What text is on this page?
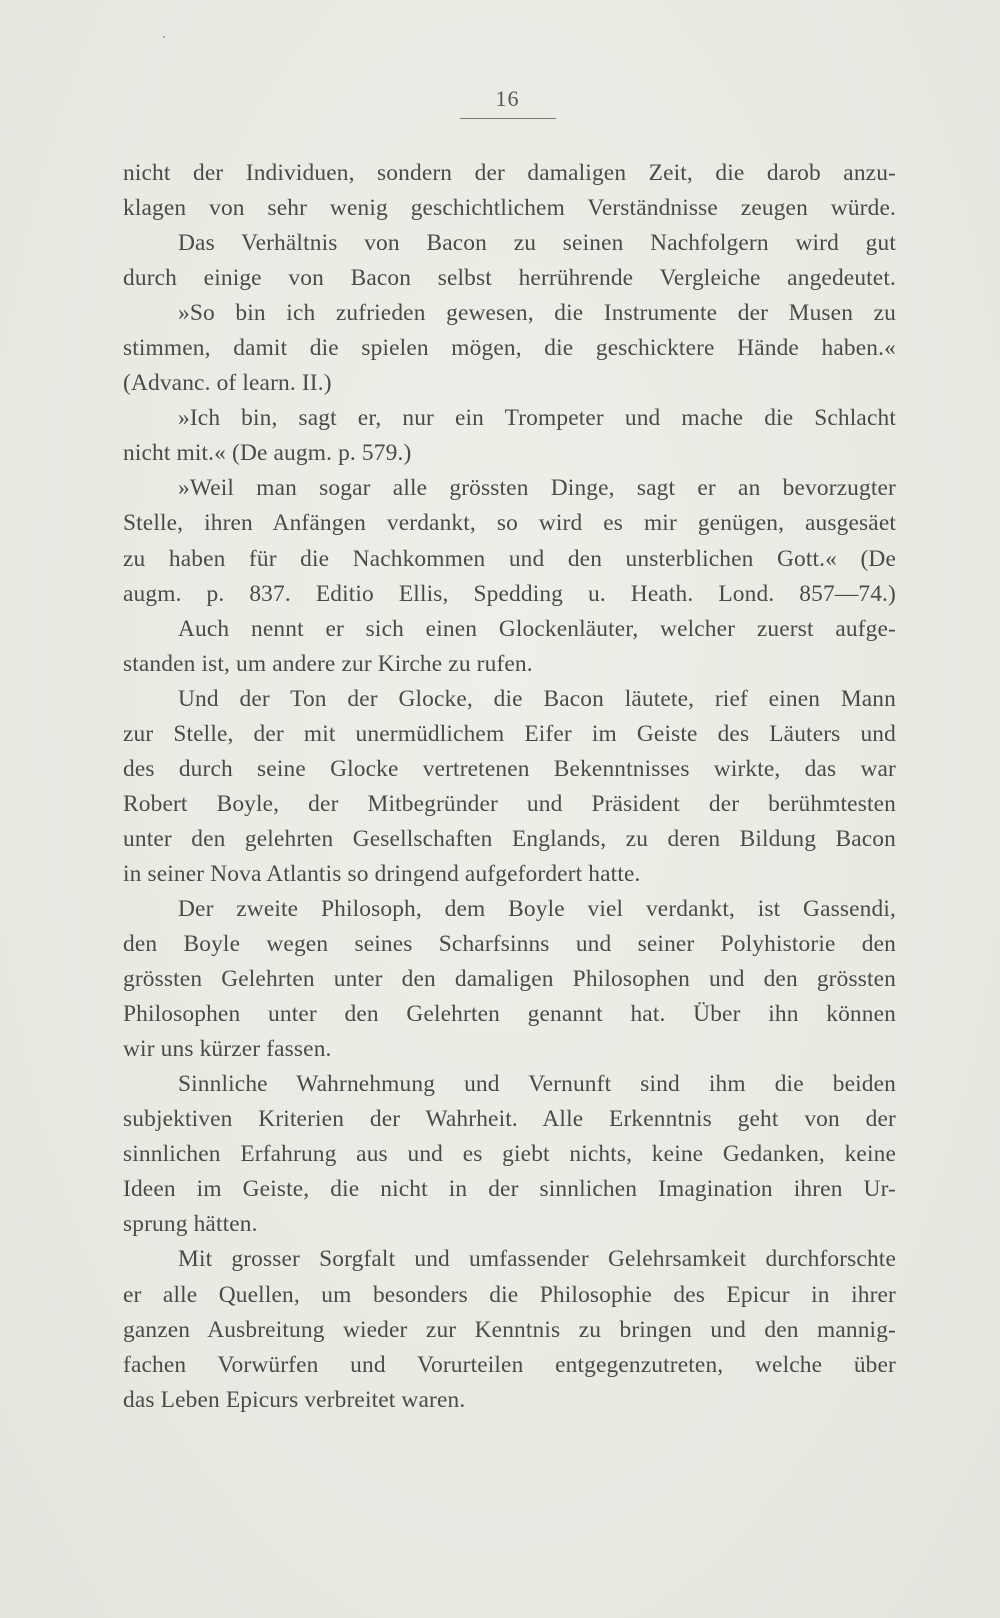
16
nicht der Individuen, sondern der damaligen Zeit, die darob anzu-
klagen von sehr wenig geschichtlichem Verständnisse zeugen würde.
Das Verhältnis von Bacon zu seinen Nachfolgern wird gut
durch einige von Bacon selbst herrührende Vergleiche angedeutet.
»So bin ich zufrieden gewesen, die Instrumente der Musen zu
stimmen, damit die spielen mögen, die geschicktere Hände haben.«
(Advanc. of learn. II.)
»Ich bin, sagt er, nur ein Trompeter und mache die Schlacht
nicht mit.« (De augm. p. 579.)
»Weil man sogar alle grössten Dinge, sagt er an bevorzugter
Stelle, ihren Anfängen verdankt, so wird es mir genügen, ausgesäet
zu haben für die Nachkommen und den unsterblichen Gott.« (De
augm. p. 837. Editio Ellis, Spedding u. Heath. Lond. 857—74.)
Auch nennt er sich einen Glockenläuter, welcher zuerst aufge-
standen ist, um andere zur Kirche zu rufen.
Und der Ton der Glocke, die Bacon läutete, rief einen Mann
zur Stelle, der mit unermüdlichem Eifer im Geiste des Läuters und
des durch seine Glocke vertretenen Bekenntnisses wirkte, das war
Robert Boyle, der Mitbegründer und Präsident der berühmtesten
unter den gelehrten Gesellschaften Englands, zu deren Bildung Bacon
in seiner Nova Atlantis so dringend aufgefordert hatte.
Der zweite Philosoph, dem Boyle viel verdankt, ist Gassendi,
den Boyle wegen seines Scharfsinns und seiner Polyhistorie den
grössten Gelehrten unter den damaligen Philosophen und den grössten
Philosophen unter den Gelehrten genannt hat. Über ihn können
wir uns kürzer fassen.
Sinnliche Wahrnehmung und Vernunft sind ihm die beiden
subjektiven Kriterien der Wahrheit. Alle Erkenntnis geht von der
sinnlichen Erfahrung aus und es giebt nichts, keine Gedanken, keine
Ideen im Geiste, die nicht in der sinnlichen Imagination ihren Ur-
sprung hätten.
Mit grosser Sorgfalt und umfassender Gelehrsamkeit durchforschte
er alle Quellen, um besonders die Philosophie des Epicur in ihrer
ganzen Ausbreitung wieder zur Kenntnis zu bringen und den mannig-
fachen Vorwürfen und Vorurteilen entgegenzutreten, welche über
das Leben Epicurs verbreitet waren.
